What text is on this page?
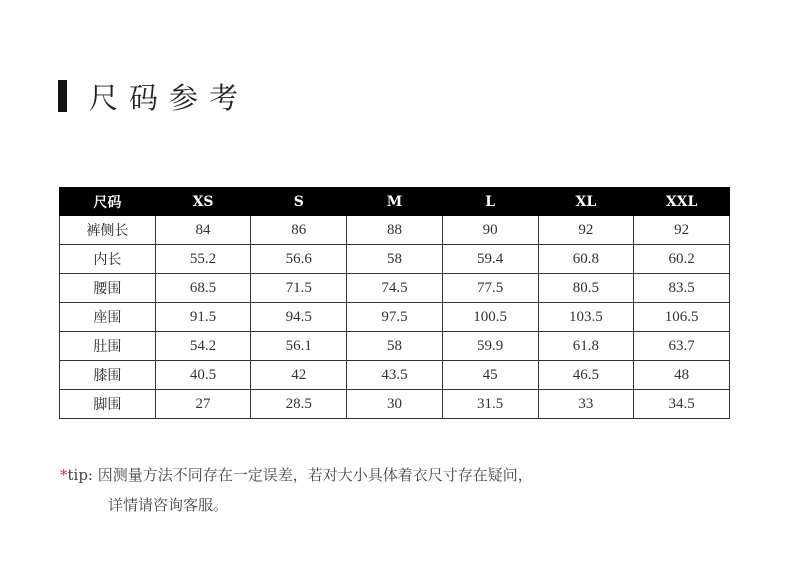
尺码参考
尺码	XS	S	M	L	XL	XXL
裤侧长	84	86	88	90	92	92
内长	55.2	56.6	58	59.4	60.8	60.2
腰围	68.5	71.5	74.5	77.5	80.5	83.5
座围	91.5	94.5	97.5	100.5	103.5	106.5
肚围	54.2	56.1	58	59.9	61.8	63.7
膝围	40.5	42	43.5	45	46.5	48
脚围	27	28.5	30	31.5	33	34.5
*tip: 因测量方法不同存在一定误差，若对大小具体着衣尺寸存在疑问，
详情请咨询客服。
